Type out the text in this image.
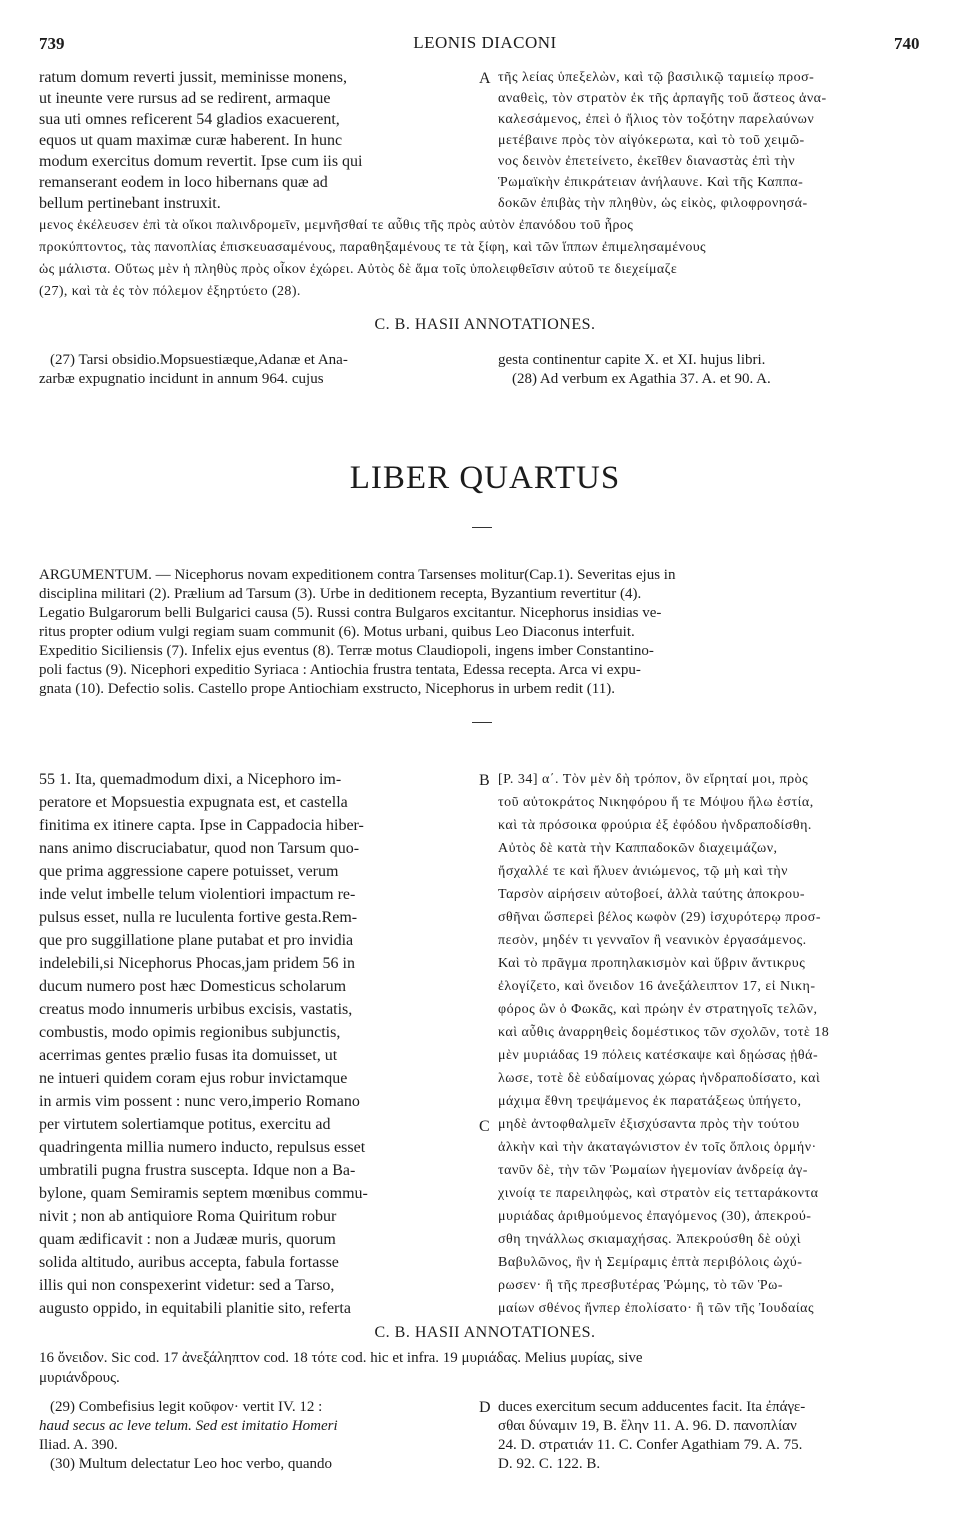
739	LEONIS DIACONI	740
ratum domum reverti jussit, meminisse monens,
ut ineunte vere rursus ad se redirent, armaque
sua uti omnes reficerent 54 gladios exacuerent,
equos ut quam maximæ curæ haberent. In hunc
modum exercitus domum revertit. Ipse cum iis qui
remanserant eodem in loco hibernans quæ ad
bellum pertinebant instruxit.
A τῆς λείας ὑπεξελὼν, καὶ τῷ βασιλικῷ ταμιείῳ προσ-
αναθεὶς, τὸν στρατὸν ἐκ τῆς ἁρπαγῆς τοῦ ἄστεος ἀνα-
καλεσάμενος, ἐπεὶ ὁ ἥλιος τὸν τοξότην παρελαύνων
μετέβαινε πρὸς τὸν αἰγόκερωτα, καὶ τὸ τοῦ χειμῶ-
νος δεινὸν ἐπετείνετο, ἐκεῖθεν διαναστὰς ἐπὶ τὴν
Ῥωμαϊκὴν ἐπικράτειαν ἀνήλαυνε. Καὶ τῆς Καππα-
δοκῶν ἐπιβὰς τὴν πληθὺν, ὡς εἰκὸς, φιλοφρονησά-
μενος ἐκέλευσεν ἐπὶ τὰ οἴκοι παλινδρομεῖν, μεμνῆσθαί τε αὖθις τῆς πρὸς αὐτὸν ἐπανόδου τοῦ ἦρος
προκύπτοντος, τὰς πανοπλίας ἐπισκευασαμένους, παραθηξαμένους τε τὰ ξίφη, καὶ τῶν ἵππων ἐπιμελησαμένους
ὡς μάλιστα. Οὕτως μὲν ἡ πληθὺς πρὸς οἶκον ἐχώρει. Αὐτὸς δὲ ἅμα τοῖς ὑπολειφθεῖσιν αὐτοῦ τε διεχείμαζε
(27), καὶ τὰ ἐς τὸν πόλεμον ἐξηρτύετο (28).
C. B. HASII ANNOTATIONES.
(27) Tarsi obsidio.Mopsuestiæque,Adanæ et Ana-
zarbæ expugnatio incidunt in annum 964. cujus
gesta continentur capite X. et XI. hujus libri.
(28) Ad verbum ex Agathia 37. A. et 90. A.
LIBER QUARTUS
ARGUMENTUM. — Nicephorus novam expeditionem contra Tarsenses molitur(Cap.1). Severitas ejus in
disciplina militari (2). Prælium ad Tarsum (3). Urbe in deditionem recepta, Byzantium revertitur (4).
Legatio Bulgarorum belli Bulgarici causa (5). Russi contra Bulgaros excitantur. Nicephorus insidias ve-
ritus propter odium vulgi regiam suam communit (6). Motus urbani, quibus Leo Diaconus interfuit.
Expeditio Siciliensis (7). Infelix ejus eventus (8). Terræ motus Claudiopoli, ingens imber Constantino-
poli factus (9). Nicephori expeditio Syriaca : Antiochia frustra tentata, Edessa recepta. Arca vi expu-
gnata (10). Defectio solis. Castello prope Antiochiam exstructo, Nicephorus in urbem redit (11).
55 1. Ita, quemadmodum dixi, a Nicephoro im-
peratore et Mopsuestia expugnata est, et castella
finitima ex itinere capta. Ipse in Cappadocia hiber-
nans animo discruciabatur, quod non Tarsum quo-
que prima aggressione capere potuisset, verum
inde velut imbelle telum violentiori impactum re-
pulsus esset, nulla re luculenta fortive gesta.Rem-
que pro suggillatione plane putabat et pro invidia
indelebili,si Nicephorus Phocas,jam pridem 56 in
ducum numero post hæc Domesticus scholarum
creatus modo innumeris urbibus excisis, vastatis,
combustis, modo opimis regionibus subjunctis,
acerrimas gentes prælio fusas ita domuisset, ut
ne intueri quidem coram ejus robur invictamque
in armis vim possent : nunc vero,imperio Romano
per virtutem solertiamque potitus, exercitu ad
quadringenta millia numero inducto, repulsus esset
umbratili pugna frustra suscepta. Idque non a Ba-
bylone, quam Semiramis septem mœnibus commu-
nivit ; non ab antiquiore Roma Quiritum robur
quam ædificavit : non a Judææ muris, quorum
solida altitudo, auribus accepta, fabula fortasse
illis qui non conspexerint videtur: sed a Tarso,
augusto oppido, in equitabili planitie sito, referta
B
C
[P. 34] α΄. Τὸν μὲν δὴ τρόπον, ὃν εἴρηταί μοι, πρὸς
τοῦ αὐτοκράτος Νικηφόρου ἥ τε Μόψου ἥλω ἑστία,
καὶ τὰ πρόσοικα φρούρια ἐξ ἐφόδου ἠνδραποδίσθη.
Αὐτὸς δὲ κατὰ τὴν Καππαδοκῶν διαχειμάζων,
ἤσχαλλέ τε καὶ ἤλυεν ἀνιώμενος, τῷ μὴ καὶ τὴν
Ταρσὸν αἱρήσειν αὐτοβοεί, ἀλλὰ ταύτης ἀποκρου-
σθῆναι ὥσπερεὶ βέλος κωφὸν (29) ἰσχυρότερῳ προσ-
πεσὸν, μηδέν τι γενναῖον ἢ νεανικὸν ἐργασάμενος.
Καὶ τὸ πρᾶγμα προπηλακισμὸν καὶ ὕβριν ἄντικρυς
ἐλογίζετο, καὶ ὄνειδον 16 ἀνεξάλειπτον 17, εἰ Νικη-
φόρος ὢν ὁ Φωκᾶς, καὶ πρώην ἐν στρατηγοῖς τελῶν,
καὶ αὖθις ἀναρρηθεὶς δομέστικος τῶν σχολῶν, τοτὲ 18
μὲν μυριάδας 19 πόλεις κατέσκαψε καὶ δῃώσας ᾐθά-
λωσε, τοτὲ δὲ εὐδαίμονας χώρας ἠνδραποδίσατο, καὶ
μάχιμα ἔθνη τρεψάμενος ἐκ παρατάξεως ὑπήγετο,
μηδὲ ἀντοφθαλμεῖν ἐξισχύσαντα πρὸς τὴν τούτου
ἀλκὴν καὶ τὴν ἀκαταγώνιστον ἐν τοῖς ὅπλοις ὁρμήν·
τανῦν δὲ, τὴν τῶν Ῥωμαίων ἡγεμονίαν ἀνδρείᾳ ἀγ-
χινοίᾳ τε παρειληφὼς, καὶ στρατὸν εἰς τετταράκοντα
μυριάδας ἀριθμούμενος ἐπαγόμενος (30), ἀπεκρού-
σθη τηνάλλως σκιαμαχήσας. Ἀπεκρούσθη δὲ οὐχὶ
Βαβυλῶνος, ἣν ἡ Σεμίραμις ἑπτὰ περιβόλοις ὠχύ-
ρωσεν· ἢ τῆς πρεσβυτέρας Ῥώμης, τὸ τῶν Ῥω-
μαίων σθένος ἤνπερ ἐπολίσατο· ἢ τῶν τῆς Ἰουδαίας
C. B. HASII ANNOTATIONES.
16 ὄνειδον. Sic cod. 17 ἀνεξάληπτον cod. 18 τότε cod. hic et infra. 19 μυριάδας. Melius μυρίας, sive
μυριάνδρους.
(29) Combefisius legit κοῦφον· vertit IV. 12 :
haud secus ac leve telum. Sed est imitatio Homeri
Iliad. A. 390.
(30) Multum delectatur Leo hoc verbo, quando
D duces exercitum secum adducentes facit. Ita ἐπάγε-
σθαι δύναμιν 19, B. ἔλην 11. A. 96. D. πανοπλίαν
24. D. στρατιάν 11. C. Confer Agathiam 79. A. 75.
D. 92. C. 122. B.
